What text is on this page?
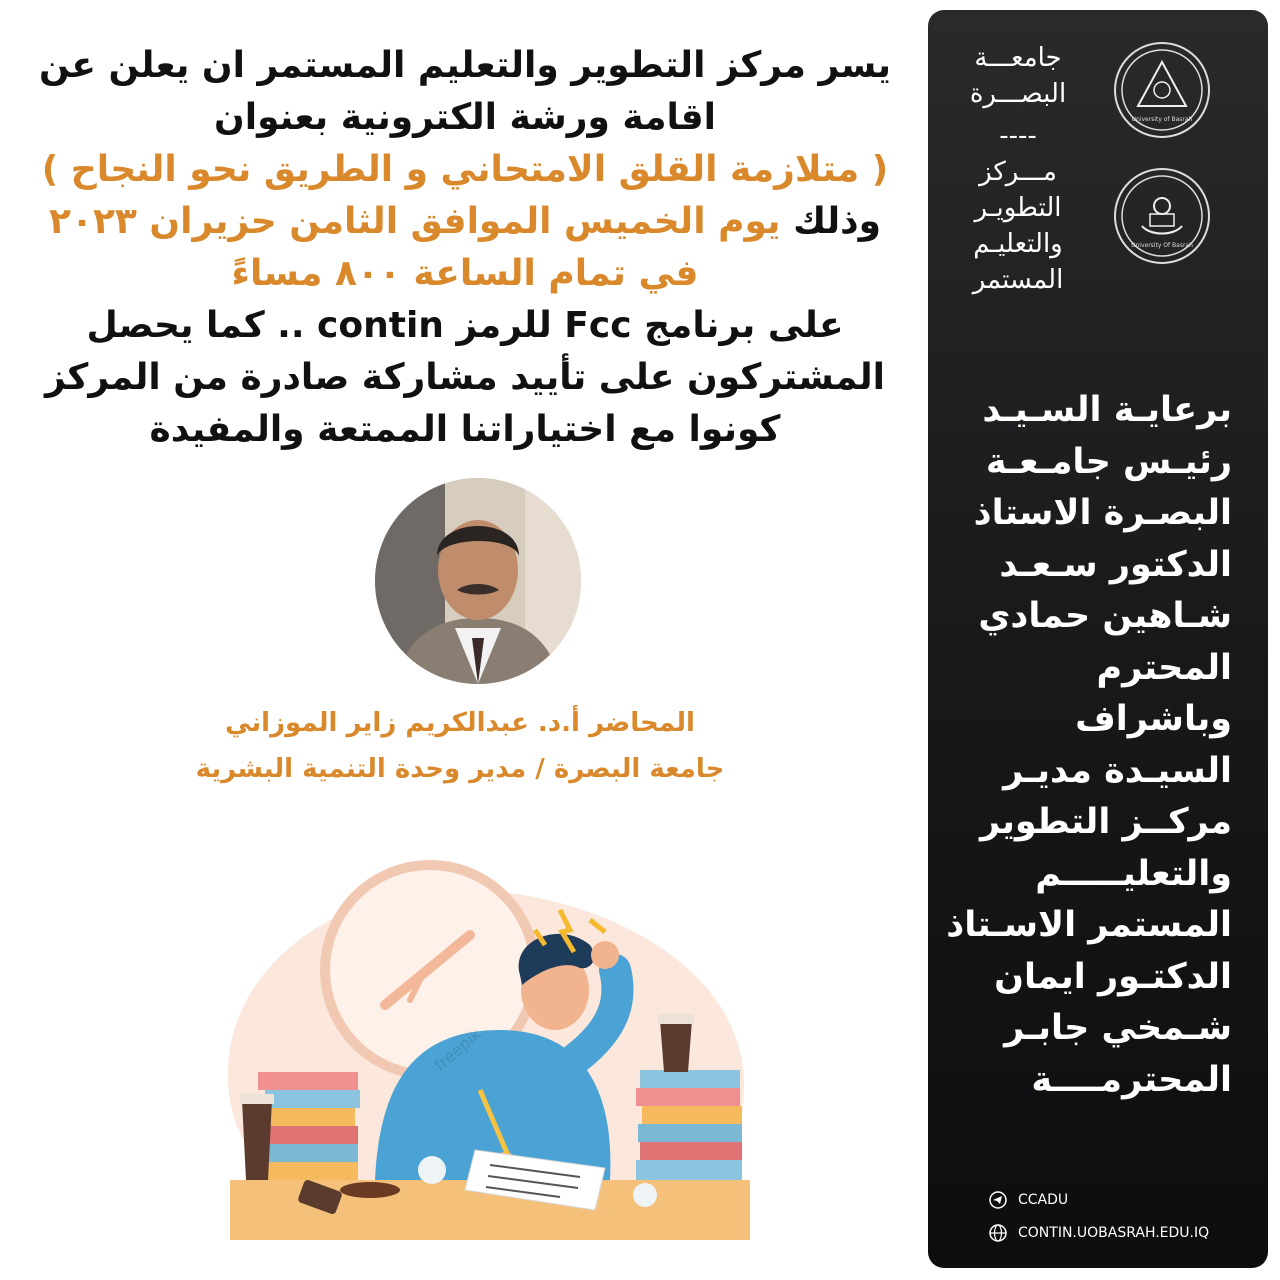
يسر مركز التطوير والتعليم المستمر ان يعلن عن
اقامة ورشة الكترونية بعنوان
( متلازمة القلق الامتحاني و الطريق نحو النجاح )
وذلك يوم الخميس الموافق الثامن حزيران ٢٠٢٣
في تمام الساعة ٨٠٠ مساءً
على برنامج Fcc للرمز contin .. كما يحصل
المشتركون على تأييد مشاركة صادرة من المركز
كونوا مع اختياراتنا الممتعة والمفيدة
المحاضر أ.د. عبدالكريم زاير الموزاني
جامعة البصرة / مدير وحدة التنمية البشرية
freepik
جامعـــة
البصـــرة
----
مـــركز
التطويـر
والتعليـم
المستمر
University of Basrah
University Of Basrah
برعايـة السـيـد
رئيـس جامـعـة
البصـرة الاستاذ
الدكتور سـعـد
شـاهين حمادي
المحترم وباشراف
السيـدة مديـر
مركــز التطوير
والتعليـــــم
المستمر الاسـتاذ
الدكتـور ايمان
شـمخي جابـر
المحترمــــة
CCADU
CONTIN.UOBASRAH.EDU.IQ
